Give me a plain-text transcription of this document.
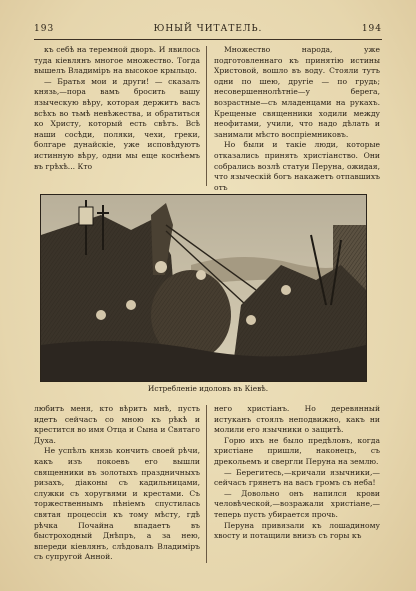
193	ЮНЫЙ ЧИТАТЕЛЬ.	194

къ себѣ на теремной дворъ. И явилось туда кіевлянъ многое множество. Тогда вышелъ Владиміръ на высокое крыльцо.

— Братья мои и други! — сказалъ князь,—пора вамъ бросить вашу языческую вѣру, которая держитъ васъ всѣхъ во тьмѣ невѣжества, и обратиться ко Христу, который есть свѣтъ. Всѣ наши сосѣди, поляки, чехи, греки, болгаре дунайскіе, уже исповѣдуютъ истинную вѣру, одни мы еще коснѣемъ въ грѣхѣ... Кто

Множество народа, уже подготовленнаго къ принятію истины Христовой, вошло въ воду. Стояли тутъ одни по шею, другіе — по грудь; несовершеннолѣтніе—у берега, возрастные—съ младенцами на рукахъ. Крещеные священники ходили между неофитами, учили, что надо дѣлать и занимали мѣсто воспріемниковъ.

Но были и такіе люди, которые отказались принять христіанство. Они собрались возлѣ статуи Перуна, ожидая, что языческій богъ накажетъ отпавшихъ отъ

Истребленіе идоловъ въ Кіевѣ.

любитъ меня, кто вѣритъ мнѣ, пусть идетъ сейчасъ со мною къ рѣкѣ и крестится во имя Отца и Сына и Святаго Духа.

Не успѣлъ князь кончить своей рѣчи, какъ изъ покоевъ его вышли священники въ золотыхъ праздничныхъ ризахъ, діаконы съ кадильницами, служки съ хоругвями и крестами. Съ торжественнымъ пѣніемъ спустилась святая процессія къ тому мѣсту, гдѣ рѣчка Почайна впадаетъ въ быстроходный Днѣпръ, а за нею, впереди кіевлянъ, слѣдовалъ Владиміръ съ супругой Анной.

него христіанъ. Но деревянный истуканъ стоялъ неподвижно, какъ ни молили его язычники о защитѣ.

Горю ихъ не было предѣловъ, когда христіане пришли, наконецъ, съ дрекольемъ и свергли Перуна на землю.

— Берегитесь,—кричали язычники,—сейчасъ грянетъ на васъ громъ съ неба!

— Довольно онъ напился крови человѣческой,—возражали христіане,—теперь пусть убирается прочь.

Перуна привязали къ лошадиному хвосту и потащили внизъ съ горы къ
